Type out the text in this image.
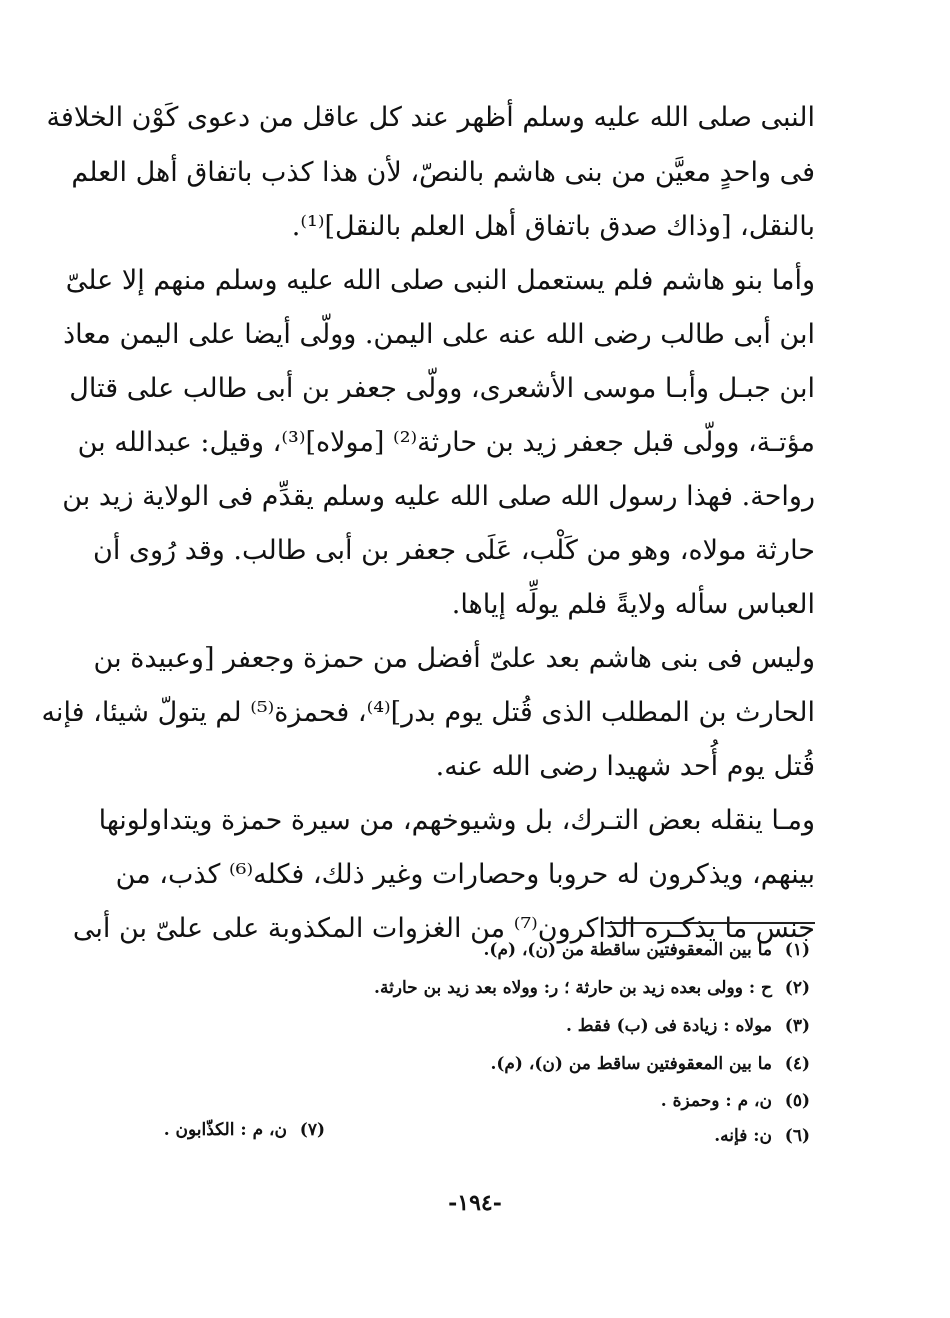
النبى صلى الله عليه وسلم أظهر عند كل عاقل من دعوى كَوْن الخلافة
فى واحدٍ معيَّن من بنى هاشم بالنصّ، لأن هذا كذب باتفاق أهل العلم
بالنقل، [وذاك صدق باتفاق أهل العلم بالنقل]⁽¹⁾.
وأما بنو هاشم فلم يستعمل النبى صلى الله عليه وسلم منهم إلا علىّ
ابن أبى طالب رضى الله عنه على اليمن. وولّى أيضا على اليمن معاذ
ابن جبـل وأبـا موسى الأشعرى، وولّى جعفر بن أبى طالب على قتال
مؤتـة، وولّى قبل جعفر زيد بن حارثة⁽²⁾ [مولاه]⁽³⁾، وقيل: عبدالله بن
رواحة. فهذا رسول الله صلى الله عليه وسلم يقدِّم فى الولاية زيد بن
حارثة مولاه، وهو من كَلْب، عَلَى جعفر بن أبى طالب. وقد رُوى أن
العباس سأله ولايةً فلم يولِّه إياها.
وليس فى بنى هاشم بعد علىّ أفضل من حمزة وجعفر [وعبيدة بن
الحارث بن المطلب الذى قُتل يوم بدر]⁽⁴⁾، فحمزة⁽⁵⁾ لم يتولّ شيئا، فإنه
قُتل يوم أُحد شهيدا رضى الله عنه.
ومـا ينقله بعض التـرك، بل وشيوخهم، من سيرة حمزة ويتداولونها
بينهم، ويذكرون له حروبا وحصارات وغير ذلك، فكله⁽⁶⁾ كذب، من
جنس ما يذكـره الذاكرون⁽⁷⁾ من الغزوات المكذوبة على علىّ بن أبى
(١)ما بين المعقوفتين ساقطة من (ن)، (م).
(٢)ح : وولى بعده زيد بن حارثة ؛ ر: وولاه بعد زيد بن حارثة.
(٣)مولاه : زيادة فى (ب) فقط .
(٤)ما بين المعقوفتين ساقط من (ن)، (م).
(٥)ن، م : وحمزة .
(٦)ن: فإنه.
(٧)ن، م : الكذّابون .
-١٩٤-
